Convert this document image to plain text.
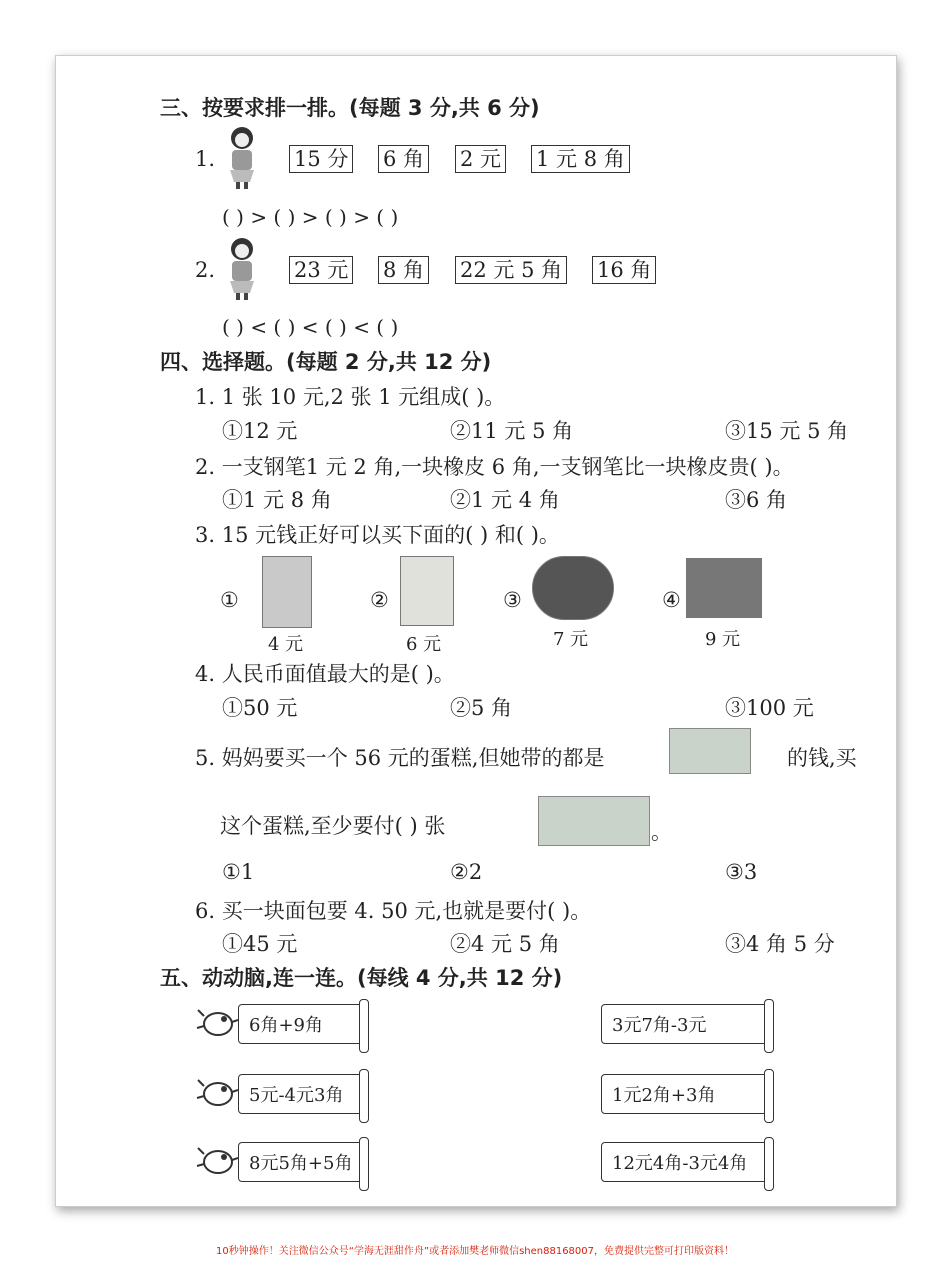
三、按要求排一排。(每题 3 分,共 6 分)
1.	15 分 6 角 2 元 1 元 8 角
( ) > ( ) > ( ) > ( )
2.	23 元 8 角 22 元 5 角 16 角
( ) < ( ) < ( ) < ( )
四、选择题。(每题 2 分,共 12 分)
1. 1 张 10 元,2 张 1 元组成( )。
①12 元	②11 元 5 角	③15 元 5 角
2. 一支钢笔1 元 2 角,一块橡皮 6 角,一支钢笔比一块橡皮贵( )。
①1 元 8 角	②1 元 4 角	③6 角
3. 15 元钱正好可以买下面的( ) 和( )。
①
4 元
②
6 元
③
7 元
④
9 元
4. 人民币面值最大的是( )。
①50 元	②5 角	③100 元
5. 妈妈要买一个 56 元的蛋糕,但她带的都是	的钱,买
这个蛋糕,至少要付( ) 张	。
①1	②2	③3
6. 买一块面包要 4. 50 元,也就是要付( )。
①45 元	②4 元 5 角	③4 角 5 分
五、动动脑,连一连。(每线 4 分,共 12 分)
6角+9角
5元-4元3角
8元5角+5角
3元7角-3元
1元2角+3角
12元4角-3元4角
10秒钟操作！关注微信公众号“学海无涯甜作舟”或者添加樊老师微信shen88168007，免费提供完整可打印版资料！
